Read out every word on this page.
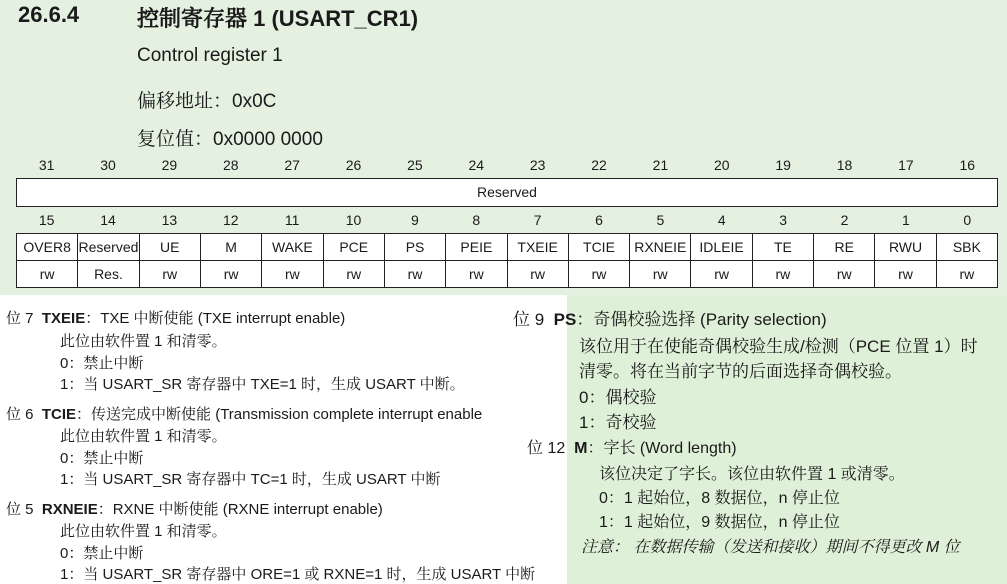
26.6.4	控制寄存器 1 (USART_CR1)
Control register 1
偏移地址：0x0C
复位值：0x0000 0000
31	30	29	28	27	26	25	24	23	22	21	20	19	18	17	16
Reserved
15	14	13	12	11	10	9	8	7	6	5	4	3	2	1	0
OVER8	Reserved	UE	M	WAKE	PCE	PS	PEIE	TXEIE	TCIE	RXNEIE	IDLEIE	TE	RE	RWU	SBK
rw	Res.	rw	rw	rw	rw	rw	rw	rw	rw	rw	rw	rw	rw	rw	rw
位 7 TXEIE：TXE 中断使能 (TXE interrupt enable)
此位由软件置 1 和清零。
0：禁止中断
1：当 USART_SR 寄存器中 TXE=1 时，生成 USART 中断。
位 6 TCIE：传送完成中断使能 (Transmission complete interrupt enable
此位由软件置 1 和清零。
0：禁止中断
1：当 USART_SR 寄存器中 TC=1 时，生成 USART 中断
位 5 RXNEIE：RXNE 中断使能 (RXNE interrupt enable)
此位由软件置 1 和清零。
0：禁止中断
1：当 USART_SR 寄存器中 ORE=1 或 RXNE=1 时，生成 USART 中断
位 9 PS：奇偶校验选择 (Parity selection)
该位用于在使能奇偶校验生成/检测（PCE 位置 1）时
清零。将在当前字节的后面选择奇偶校验。
0：偶校验
1：奇校验
位 12 M：字长 (Word length)
该位决定了字长。该位由软件置 1 或清零。
0：1 起始位，8 数据位，n 停止位
1：1 起始位，9 数据位，n 停止位
注意： 在数据传输（发送和接收）期间不得更改 M 位
